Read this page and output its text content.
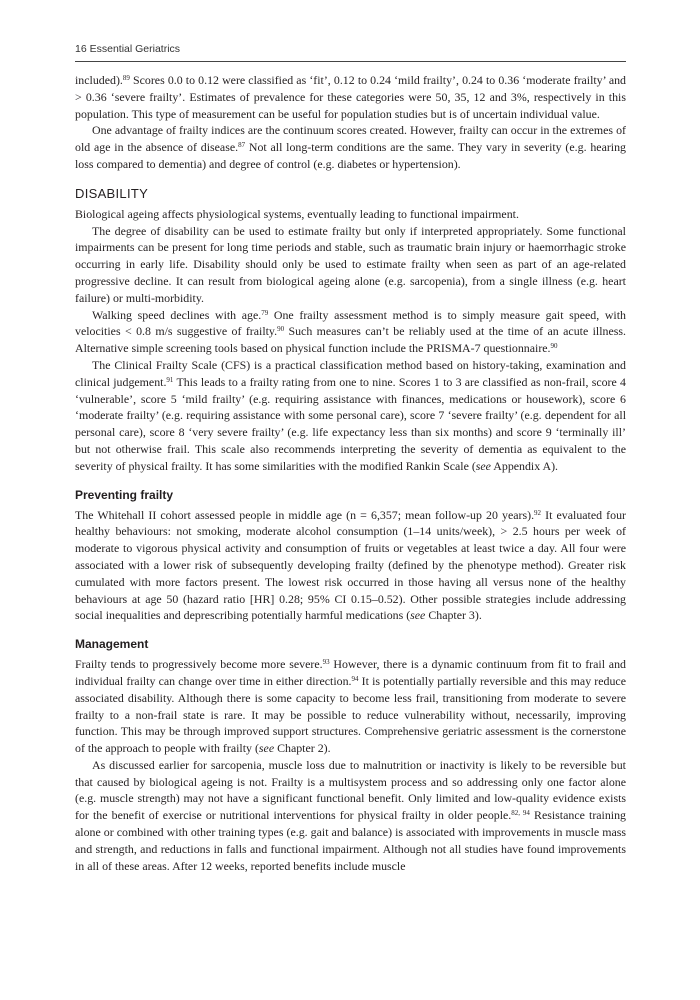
16 Essential Geriatrics

included).$^{89}$ Scores 0.0 to 0.12 were classified as ‘fit’, 0.12 to 0.24 ‘mild frailty’, 0.24 to 0.36 ‘moderate frailty’ and > 0.36 ‘severe frailty’. Estimates of prevalence for these categories were 50, 35, 12 and 3%, respectively in this population. This type of measurement can be useful for population studies but is of uncertain individual value.

One advantage of frailty indices are the continuum scores created. However, frailty can occur in the extremes of old age in the absence of disease.$^{87}$ Not all long-term conditions are the same. They vary in severity (e.g. hearing loss compared to dementia) and degree of control (e.g. diabetes or hypertension).

DISABILITY

Biological ageing affects physiological systems, eventually leading to functional impairment.

The degree of disability can be used to estimate frailty but only if interpreted appropriately. Some functional impairments can be present for long time periods and stable, such as traumatic brain injury or haemorrhagic stroke occurring in early life. Disability should only be used to estimate frailty when seen as part of an age-related progressive decline. It can result from biological ageing alone (e.g. sarcopenia), from a single illness (e.g. heart failure) or multi-morbidity.

Walking speed declines with age.$^{79}$ One frailty assessment method is to simply measure gait speed, with velocities < 0.8 m/s suggestive of frailty.$^{90}$ Such measures can’t be reliably used at the time of an acute illness. Alternative simple screening tools based on physical function include the PRISMA-7 questionnaire.$^{90}$

The Clinical Frailty Scale (CFS) is a practical classification method based on history-taking, examination and clinical judgement.$^{91}$ This leads to a frailty rating from one to nine. Scores 1 to 3 are classified as non-frail, score 4 ‘vulnerable’, score 5 ‘mild frailty’ (e.g. requiring assistance with finances, medications or housework), score 6 ‘moderate frailty’ (e.g. requiring assistance with some personal care), score 7 ‘severe frailty’ (e.g. dependent for all personal care), score 8 ‘very severe frailty’ (e.g. life expectancy less than six months) and score 9 ‘terminally ill’ but not otherwise frail. This scale also recommends interpreting the severity of dementia as equivalent to the severity of physical frailty. It has some similarities with the modified Rankin Scale (see Appendix A).

Preventing frailty

The Whitehall II cohort assessed people in middle age (n = 6,357; mean follow-up 20 years).$^{92}$ It evaluated four healthy behaviours: not smoking, moderate alcohol consumption (1–14 units/week), > 2.5 hours per week of moderate to vigorous physical activity and consumption of fruits or vegetables at least twice a day. All four were associated with a lower risk of subsequently developing frailty (defined by the phenotype method). Greater risk cumulated with more factors present. The lowest risk occurred in those having all versus none of the healthy behaviours at age 50 (hazard ratio [HR] 0.28; 95% CI 0.15–0.52). Other possible strategies include addressing social inequalities and deprescribing potentially harmful medications (see Chapter 3).

Management

Frailty tends to progressively become more severe.$^{93}$ However, there is a dynamic continuum from fit to frail and individual frailty can change over time in either direction.$^{94}$ It is potentially partially reversible and this may reduce associated disability. Although there is some capacity to become less frail, transitioning from moderate to severe frailty to a non-frail state is rare. It may be possible to reduce vulnerability without, necessarily, improving function. This may be through improved support structures. Comprehensive geriatric assessment is the cornerstone of the approach to people with frailty (see Chapter 2).

As discussed earlier for sarcopenia, muscle loss due to malnutrition or inactivity is likely to be reversible but that caused by biological ageing is not. Frailty is a multisystem process and so addressing only one factor alone (e.g. muscle strength) may not have a significant functional benefit. Only limited and low-quality evidence exists for the benefit of exercise or nutritional interventions for physical frailty in older people.$^{82, 94}$ Resistance training alone or combined with other training types (e.g. gait and balance) is associated with improvements in muscle mass and strength, and reductions in falls and functional impairment. Although not all studies have found improvements in all of these areas. After 12 weeks, reported benefits include muscle
